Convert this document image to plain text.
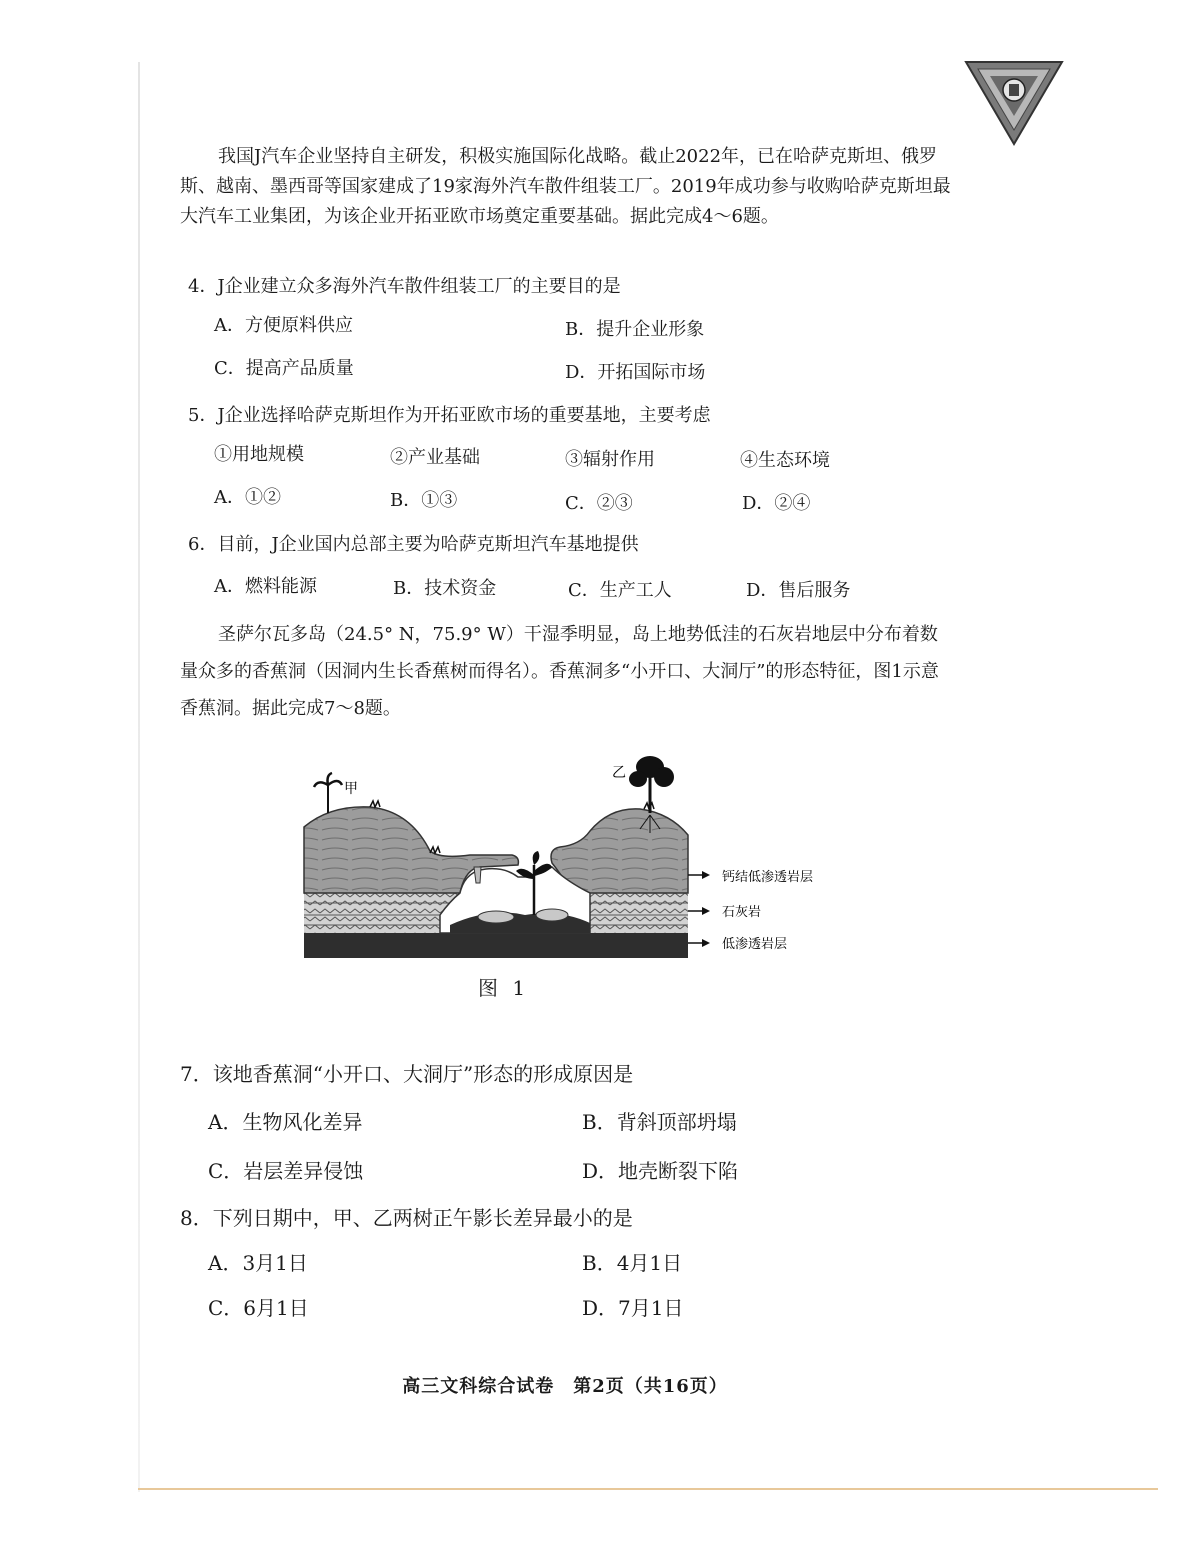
我国J汽车企业坚持自主研发，积极实施国际化战略。截止2022年，已在哈萨克斯坦、俄罗斯、越南、墨西哥等国家建成了19家海外汽车散件组装工厂。2019年成功参与收购哈萨克斯坦最大汽车工业集团，为该企业开拓亚欧市场奠定重要基础。据此完成4～6题。

4．J企业建立众多海外汽车散件组装工厂的主要目的是
A．方便原料供应	B．提升企业形象
C．提高产品质量	D．开拓国际市场
5．J企业选择哈萨克斯坦作为开拓亚欧市场的重要基地，主要考虑
①用地规模	②产业基础	③辐射作用	④生态环境
A．①②	B．①③	C．②③	D．②④
6．目前，J企业国内总部主要为哈萨克斯坦汽车基地提供
A．燃料能源	B．技术资金	C．生产工人	D．售后服务

圣萨尔瓦多岛（24.5° N，75.9° W）干湿季明显，岛上地势低洼的石灰岩地层中分布着数量众多的香蕉洞（因洞内生长香蕉树而得名）。香蕉洞多“小开口、大洞厅”的形态特征，图1示意香蕉洞。据此完成7～8题。

甲
乙
钙结低渗透岩层
石灰岩
低渗透岩层
图 1
7．该地香蕉洞“小开口、大洞厅”形态的形成原因是
A．生物风化差异	B．背斜顶部坍塌
C．岩层差异侵蚀	D．地壳断裂下陷
8．下列日期中，甲、乙两树正午影长差异最小的是
A．3月1日	B．4月1日
C．6月1日	D．7月1日
高三文科综合试卷　第2页（共16页）
